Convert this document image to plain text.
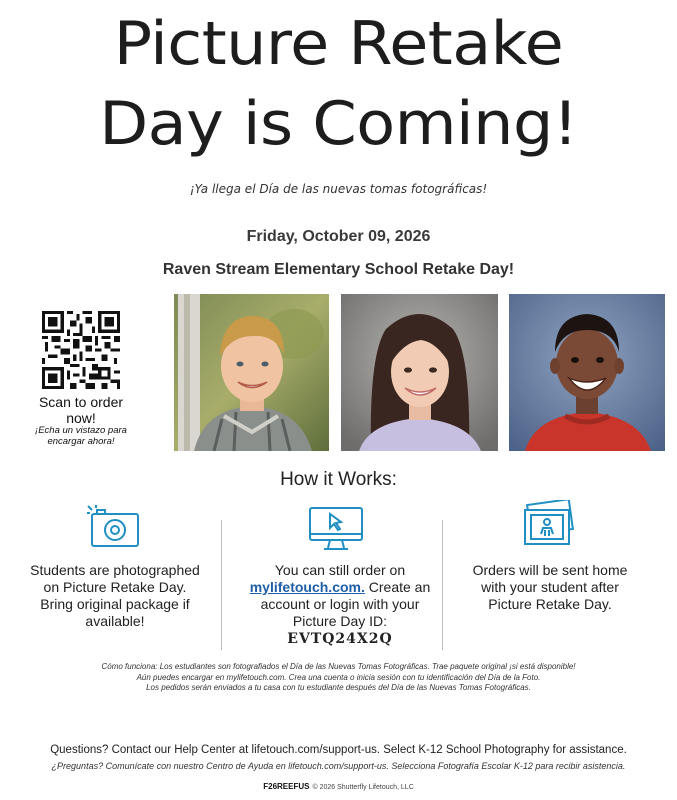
Picture Retake
Day is Coming!
¡Ya llega el Día de las nuevas tomas fotográficas!
Friday, October 09, 2026
Raven Stream Elementary School Retake Day!
Scan to order now!
¡Echa un vistazo para encargar ahora!
How it Works:
Students are photographed on Picture Retake Day. Bring original package if available!
You can still order on
mylifetouch.com. Create an account or login with your Picture Day ID:
EVTQ24X2Q
Orders will be sent home with your student after Picture Retake Day.
Cómo funciona: Los estudiantes son fotografiados el Día de las Nuevas Tomas Fotográficas. Trae paquete original ¡si está disponible!
Aún puedes encargar en mylifetouch.com. Crea una cuenta o inicia sesión con tu identificación del Día de la Foto.
Los pedidos serán enviados a tu casa con tu estudiante después del Día de las Nuevas Tomas Fotográficas.
Questions? Contact our Help Center at lifetouch.com/support-us. Select K-12 School Photography for assistance.
¿Preguntas? Comunícate con nuestro Centro de Ayuda en lifetouch.com/support-us. Selecciona Fotografía Escolar K-12 para recibir asistencia.
F26REEFUS © 2026 Shutterfly Lifetouch, LLC
